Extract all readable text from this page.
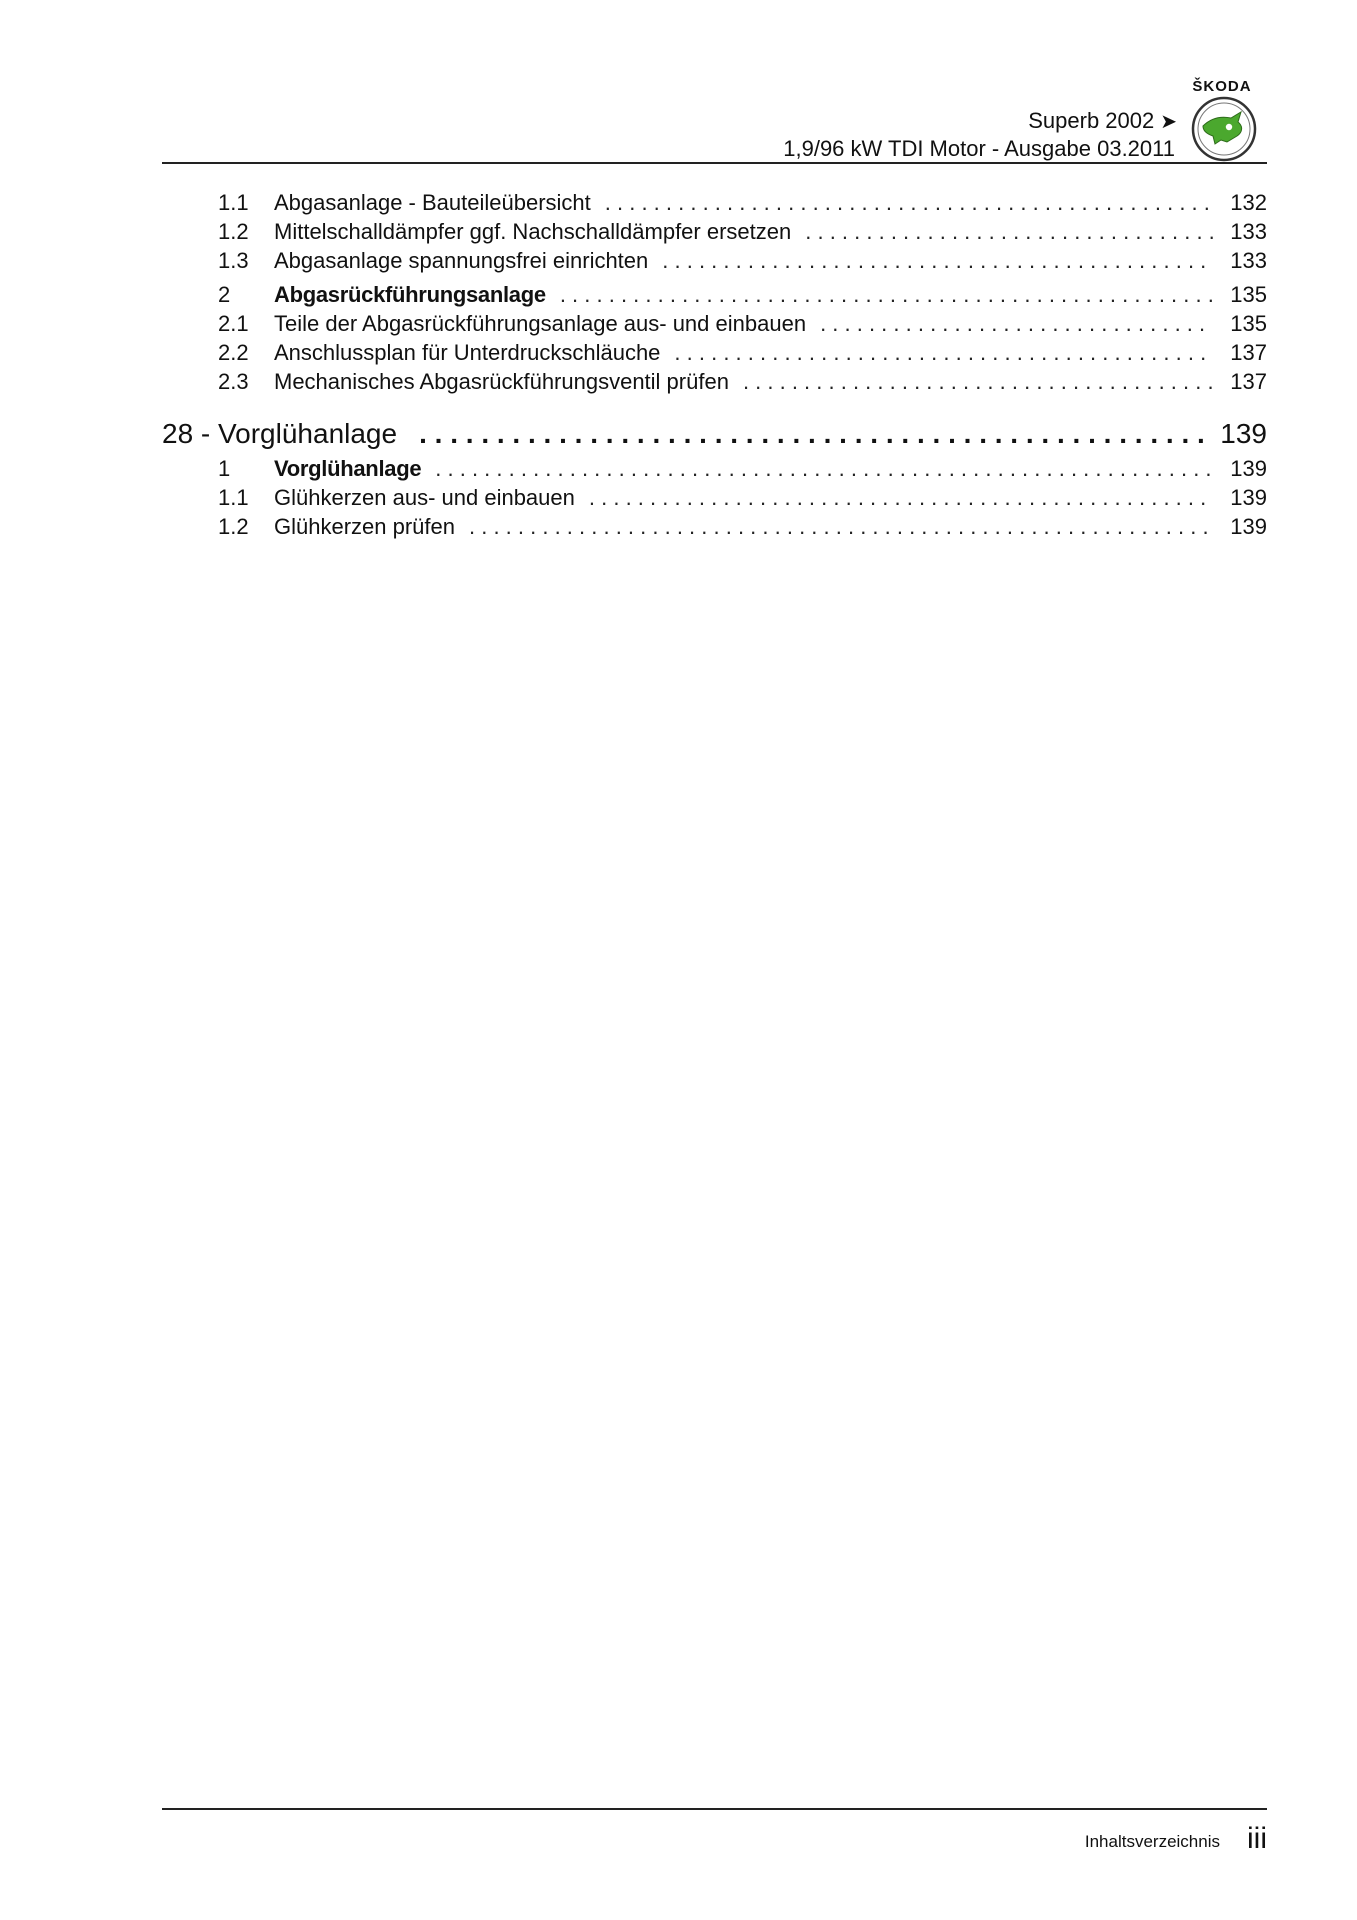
ŠKODA
Superb 2002 ➤
1,9/96 kW TDI Motor - Ausgabe 03.2011
1.1	Abgasanlage - Bauteileübersicht . . .	132
1.2	Mittelschalldämpfer ggf. Nachschalldämpfer ersetzen . . .	133
1.3	Abgasanlage spannungsfrei einrichten . . .	133
2	Abgasrückführungsanlage . . .	135
2.1	Teile der Abgasrückführungsanlage aus- und einbauen . . .	135
2.2	Anschlussplan für Unterdruckschläuche . . .	137
2.3	Mechanisches Abgasrückführungsventil prüfen . . .	137
28 - Vorglühanlage . . .	139
1	Vorglühanlage . . .	139
1.1	Glühkerzen aus- und einbauen . . .	139
1.2	Glühkerzen prüfen . . .	139
Inhaltsverzeichnis iii
